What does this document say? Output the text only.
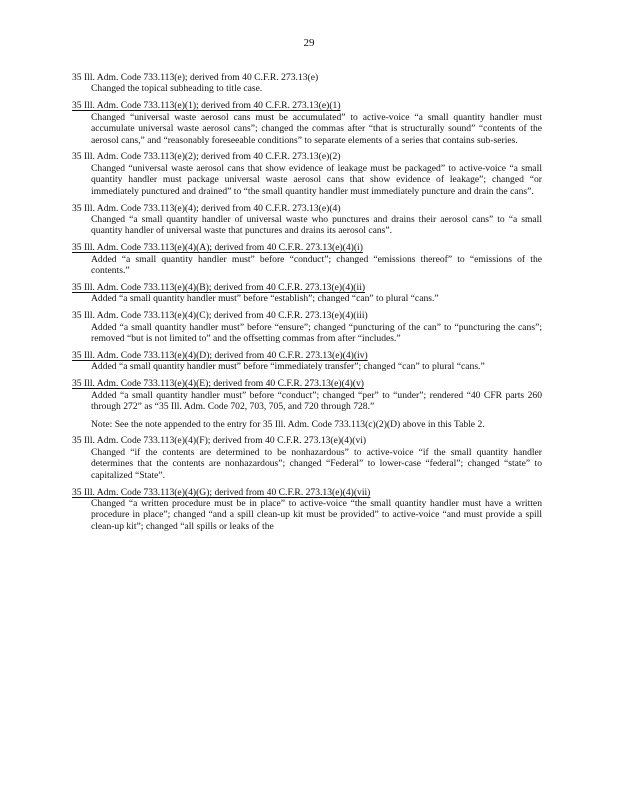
29
35 Ill. Adm. Code 733.113(e); derived from 40 C.F.R. 273.13(e)
Changed the topical subheading to title case.
35 Ill. Adm. Code 733.113(e)(1); derived from 40 C.F.R. 273.13(e)(1)
Changed “universal waste aerosol cans must be accumulated” to active-voice “a small quantity handler must accumulate universal waste aerosol cans”; changed the commas after “that is structurally sound” “contents of the aerosol cans,” and “reasonably foreseeable conditions” to separate elements of a series that contains sub-series.
35 Ill. Adm. Code 733.113(e)(2); derived from 40 C.F.R. 273.13(e)(2)
Changed “universal waste aerosol cans that show evidence of leakage must be packaged” to active-voice “a small quantity handler must package universal waste aerosol cans that show evidence of leakage”; changed “or immediately punctured and drained” to “the small quantity handler must immediately puncture and drain the cans”.
35 Ill. Adm. Code 733.113(e)(4); derived from 40 C.F.R. 273.13(e)(4)
Changed “a small quantity handler of universal waste who punctures and drains their aerosol cans” to “a small quantity handler of universal waste that punctures and drains its aerosol cans”.
35 Ill. Adm. Code 733.113(e)(4)(A); derived from 40 C.F.R. 273.13(e)(4)(i)
Added “a small quantity handler must” before “conduct”; changed “emissions thereof” to “emissions of the contents.”
35 Ill. Adm. Code 733.113(e)(4)(B); derived from 40 C.F.R. 273.13(e)(4)(ii)
Added “a small quantity handler must” before “establish”; changed “can” to plural “cans.”
35 Ill. Adm. Code 733.113(e)(4)(C); derived from 40 C.F.R. 273.13(e)(4)(iii)
Added “a small quantity handler must” before “ensure”; changed “puncturing of the can” to “puncturing the cans”; removed “but is not limited to” and the offsetting commas from after “includes.”
35 Ill. Adm. Code 733.113(e)(4)(D); derived from 40 C.F.R. 273.13(e)(4)(iv)
Added “a small quantity handler must” before “immediately transfer”; changed “can” to plural “cans.”
35 Ill. Adm. Code 733.113(e)(4)(E); derived from 40 C.F.R. 273.13(e)(4)(v)
Added “a small quantity handler must” before “conduct”; changed “per” to “under”; rendered “40 CFR parts 260 through 272” as “35 Ill. Adm. Code 702, 703, 705, and 720 through 728.”
Note: See the note appended to the entry for 35 Ill. Adm. Code 733.113(c)(2)(D) above in this Table 2.
35 Ill. Adm. Code 733.113(e)(4)(F); derived from 40 C.F.R. 273.13(e)(4)(vi)
Changed “if the contents are determined to be nonhazardous” to active-voice “if the small quantity handler determines that the contents are nonhazardous”; changed “Federal” to lower-case “federal”; changed “state” to capitalized “State”.
35 Ill. Adm. Code 733.113(e)(4)(G); derived from 40 C.F.R. 273.13(e)(4)(vii)
Changed “a written procedure must be in place” to active-voice “the small quantity handler must have a written procedure in place”; changed “and a spill clean-up kit must be provided” to active-voice “and must provide a spill clean-up kit”; changed “all spills or leaks of the
